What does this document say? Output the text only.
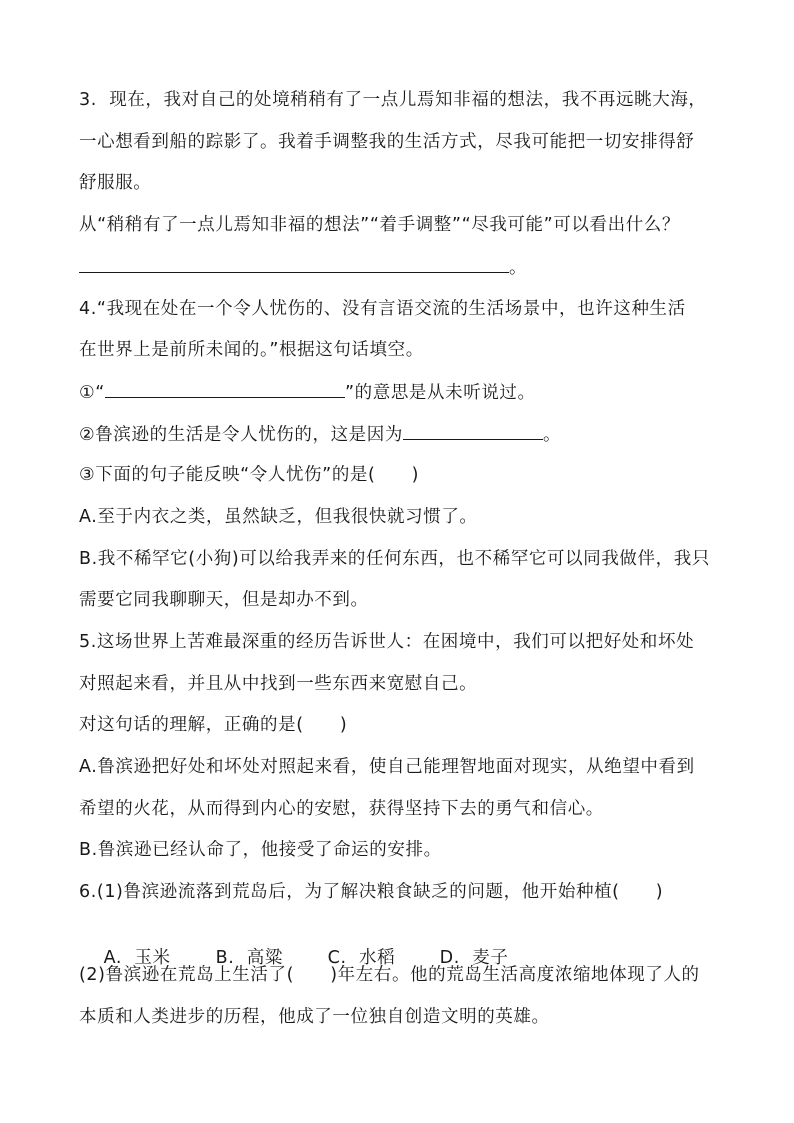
3.  现在，我对自己的处境稍稍有了一点儿焉知非福的想法，我不再远眺大海，
一心想看到船的踪影了。我着手调整我的生活方式，尽我可能把一切安排得舒
舒服服。
从“稍稍有了一点儿焉知非福的想法”“着手调整”“尽我可能”可以看出什么？
。
4.“我现在处在一个令人忧伤的、没有言语交流的生活场景中，也许这种生活
在世界上是前所未闻的。”根据这句话填空。
①“	”的意思是从未听说过。
②鲁滨逊的生活是令人忧伤的，这是因为	。
③下面的句子能反映“令人忧伤”的是(　　)
A.至于内衣之类，虽然缺乏，但我很快就习惯了。
B.我不稀罕它(小狗)可以给我弄来的任何东西，也不稀罕它可以同我做伴，我只
需要它同我聊聊天，但是却办不到。
5.这场世界上苦难最深重的经历告诉世人：在困境中，我们可以把好处和坏处
对照起来看，并且从中找到一些东西来宽慰自己。
对这句话的理解，正确的是(　　)
A.鲁滨逊把好处和坏处对照起来看，使自己能理智地面对现实，从绝望中看到
希望的火花，从而得到内心的安慰，获得坚持下去的勇气和信心。
B.鲁滨逊已经认命了，他接受了命运的安排。
6.(1)鲁滨逊流落到荒岛后，为了解决粮食缺乏的问题，他开始种植(　　)

A.  玉米	B.  高粱	C.  水稻	D.  麦子

(2)鲁滨逊在荒岛上生活了(　　)年左右。他的荒岛生活高度浓缩地体现了人的
本质和人类进步的历程，他成了一位独自创造文明的英雄。
